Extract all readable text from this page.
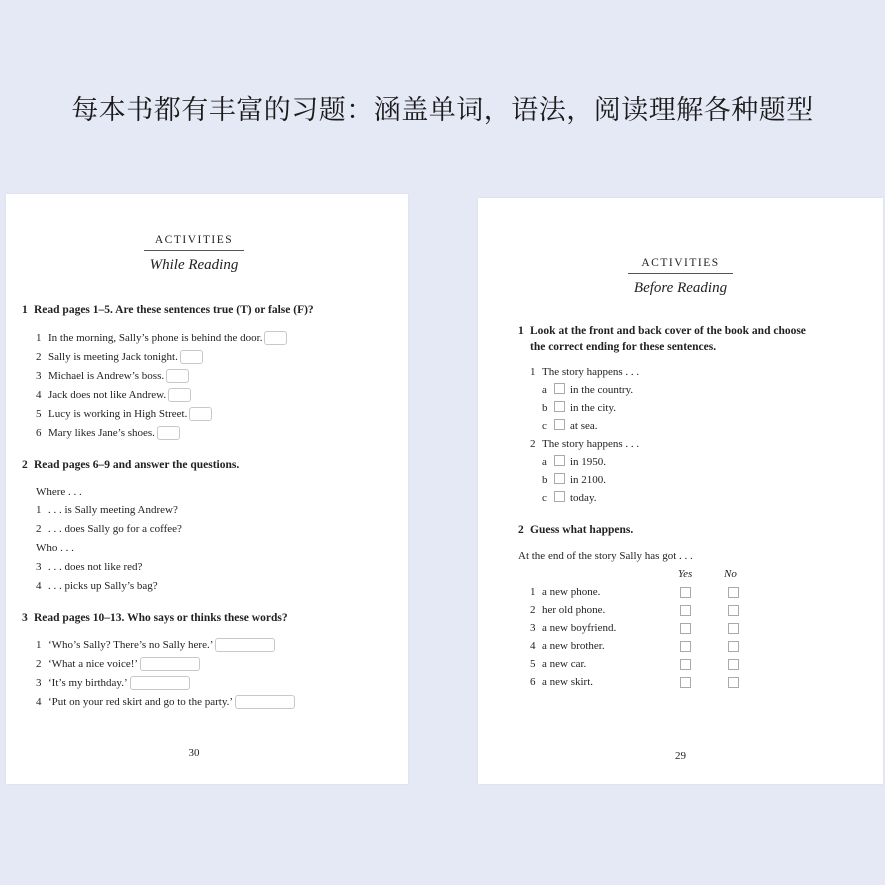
每本书都有丰富的习题：涵盖单词，语法，阅读理解各种题型
ACTIVITIES
While Reading
1 Read pages 1–5. Are these sentences true (T) or false (F)?
1 In the morning, Sally’s phone is behind the door.
2 Sally is meeting Jack tonight.
3 Michael is Andrew’s boss.
4 Jack does not like Andrew.
5 Lucy is working in High Street.
6 Mary likes Jane’s shoes.
2 Read pages 6–9 and answer the questions.
Where . . .
1 . . . is Sally meeting Andrew?
2 . . . does Sally go for a coffee?
Who . . .
3 . . . does not like red?
4 . . . picks up Sally’s bag?
3 Read pages 10–13. Who says or thinks these words?
1 ‘Who’s Sally? There’s no Sally here.’
2 ‘What a nice voice!’
3 ‘It’s my birthday.’
4 ‘Put on your red skirt and go to the party.’
30
ACTIVITIES
Before Reading
1 Look at the front and back cover of the book and choose
the correct ending for these sentences.
1 The story happens . . .
a in the country.
b in the city.
c at sea.
2 The story happens . . .
a in 1950.
b in 2100.
c today.
2 Guess what happens.
At the end of the story Sally has got . . .
Yes	No
1 a new phone.
2 her old phone.
3 a new boyfriend.
4 a new brother.
5 a new car.
6 a new skirt.
29
